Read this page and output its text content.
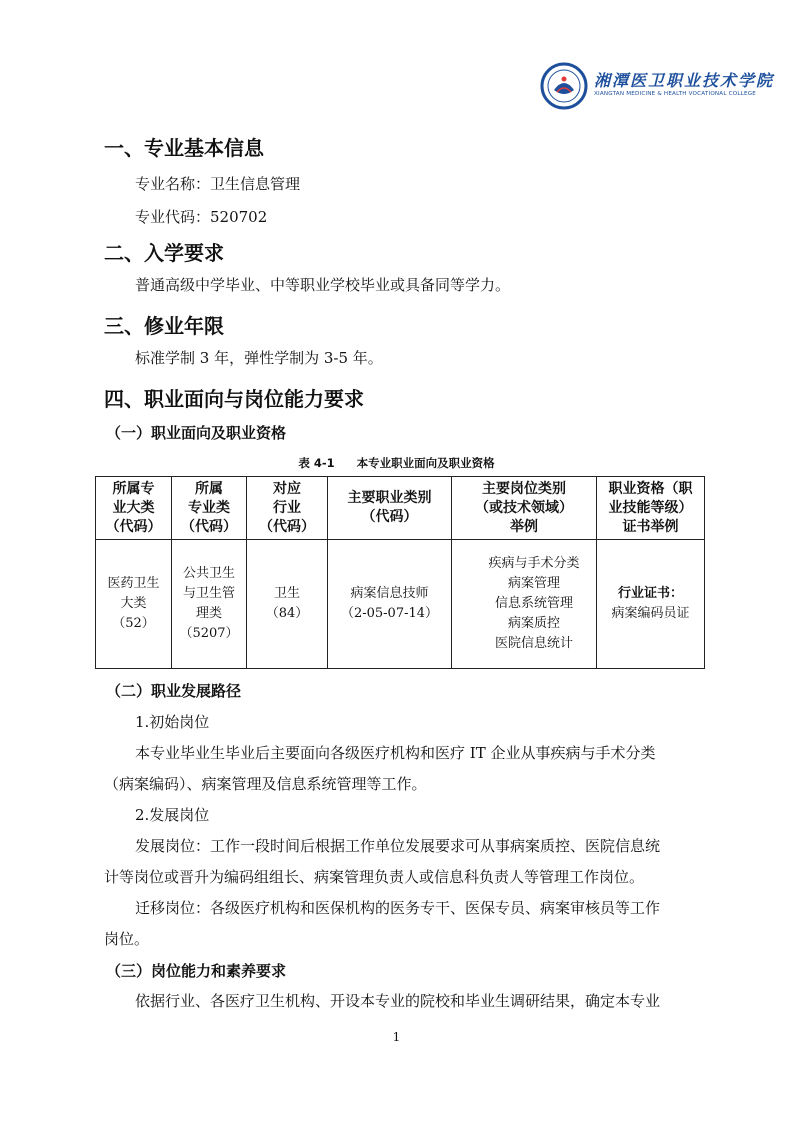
湘潭医卫职业技术学院
XIANGTAN MEDICINE & HEALTH VOCATIONAL COLLEGE
一、专业基本信息
专业名称：卫生信息管理
专业代码：520702
二、入学要求
普通高级中学毕业、中等职业学校毕业或具备同等学力。
三、修业年限
标准学制 3 年，弹性学制为 3-5 年。
四、职业面向与岗位能力要求
（一）职业面向及职业资格
表 4-1 本专业职业面向及职业资格
所属专
业大类
（代码）	所属
专业类
（代码）	对应
行业
（代码）	主要职业类别
（代码）	主要岗位类别
（或技术领域）
举例	职业资格（职
业技能等级）
证书举例

医药卫生
大类
（52）	公共卫生
与卫生管
理类
（5207）	卫生
（84）	病案信息技师
（2-05-07-14）	疾病与手术分类
病案管理
信息系统管理
病案质控
医院信息统计	行业证书：
病案编码员证
（二）职业发展路径
1.初始岗位
本专业毕业生毕业后主要面向各级医疗机构和医疗 IT 企业从事疾病与手术分类
（病案编码）、病案管理及信息系统管理等工作。
2.发展岗位
发展岗位：工作一段时间后根据工作单位发展要求可从事病案质控、医院信息统
计等岗位或晋升为编码组组长、病案管理负责人或信息科负责人等管理工作岗位。
迁移岗位：各级医疗机构和医保机构的医务专干、医保专员、病案审核员等工作
岗位。
（三）岗位能力和素养要求
依据行业、各医疗卫生机构、开设本专业的院校和毕业生调研结果，确定本专业
1
